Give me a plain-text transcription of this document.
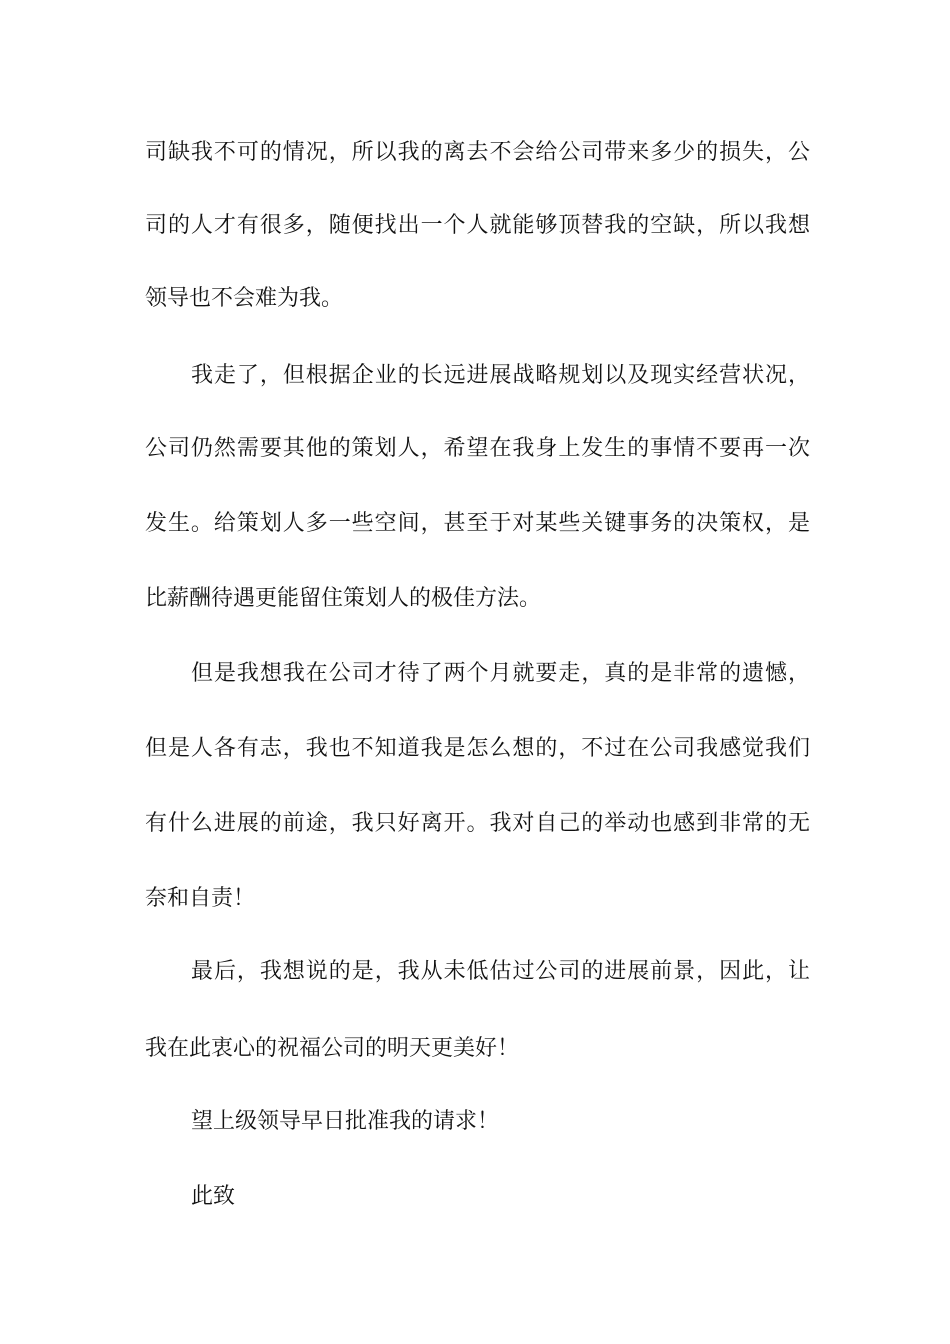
司缺我不可的情况，所以我的离去不会给公司带来多少的损失，公
司的人才有很多，随便找出一个人就能够顶替我的空缺，所以我想
领导也不会难为我。
我走了，但根据企业的长远进展战略规划以及现实经营状况，
公司仍然需要其他的策划人，希望在我身上发生的事情不要再一次
发生。给策划人多一些空间，甚至于对某些关键事务的决策权，是
比薪酬待遇更能留住策划人的极佳方法。
但是我想我在公司才待了两个月就要走，真的是非常的遗憾，
但是人各有志，我也不知道我是怎么想的，不过在公司我感觉我们
有什么进展的前途，我只好离开。我对自己的举动也感到非常的无
奈和自责！
最后，我想说的是，我从未低估过公司的进展前景，因此，让
我在此衷心的祝福公司的明天更美好！
望上级领导早日批准我的请求！
此致
